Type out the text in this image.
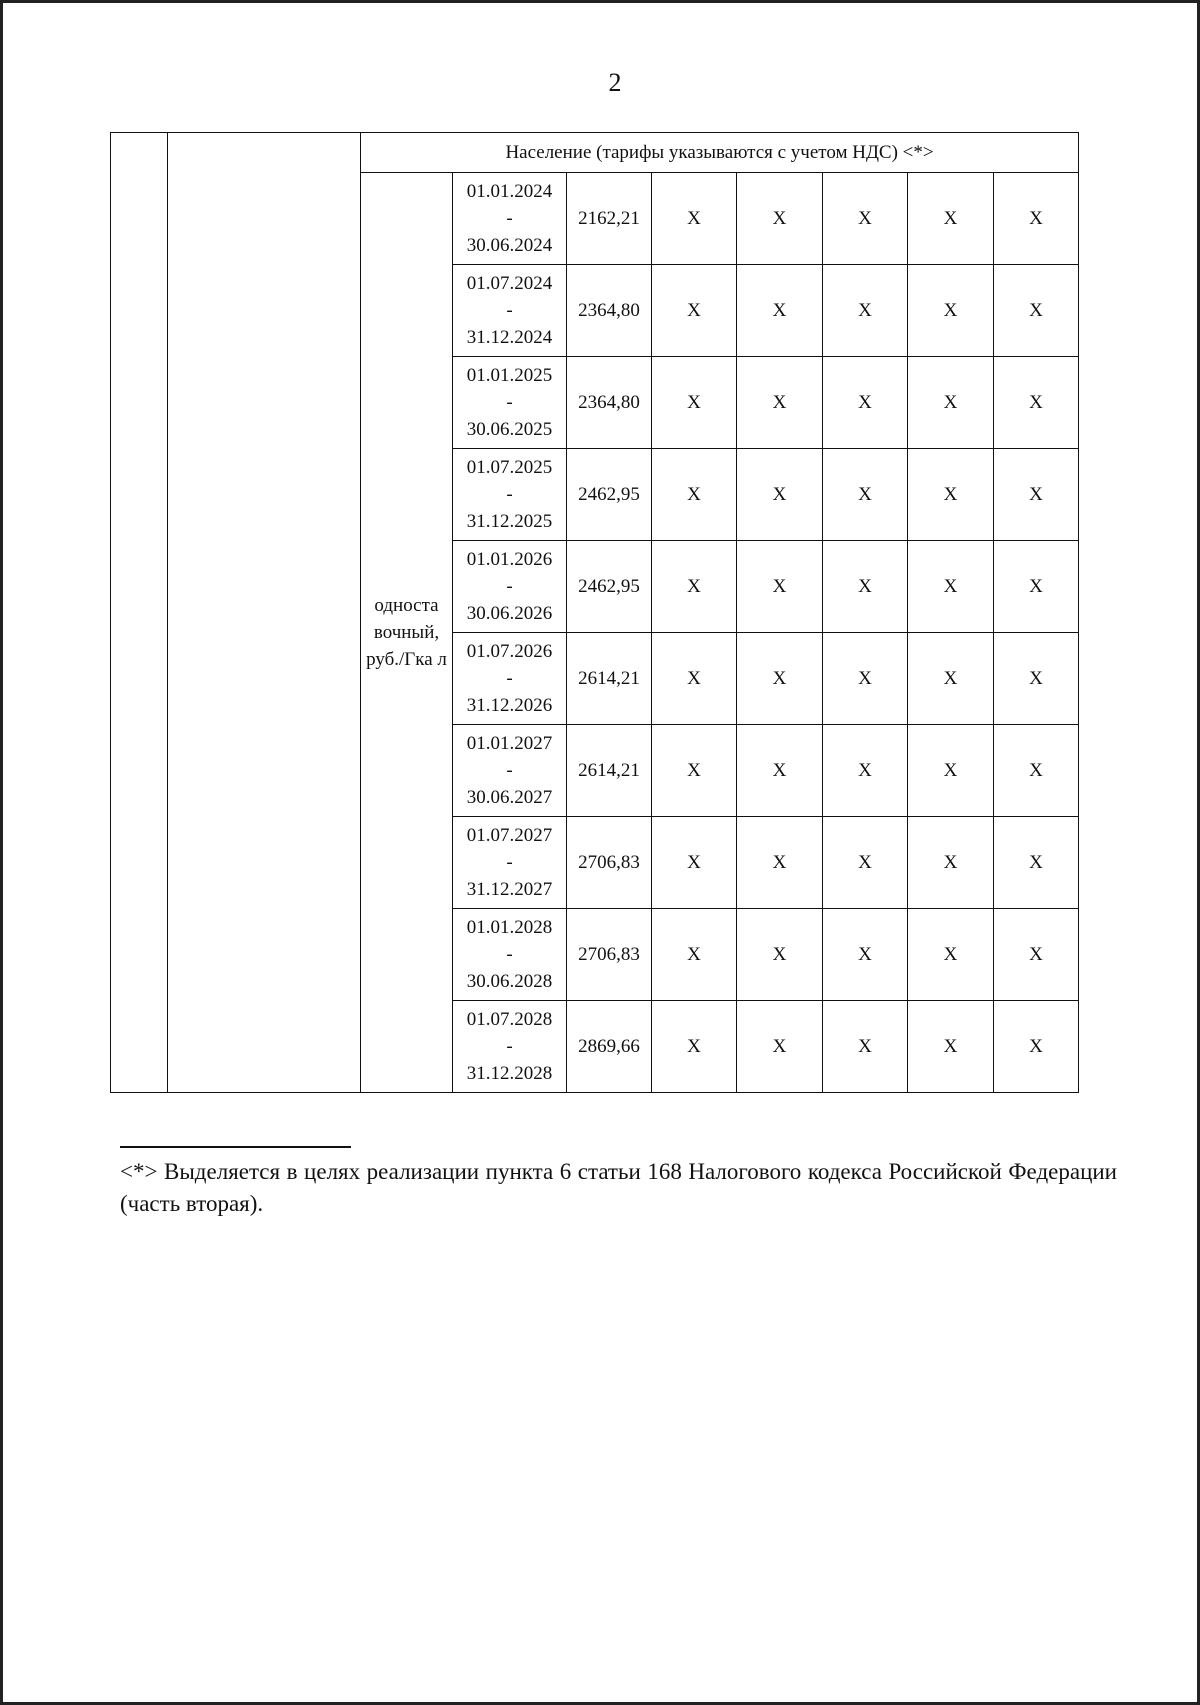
2
		Население (тарифы указываются с учетом НДС) <*>							
		односта вочный, руб./Гка л	01.01.2024
-
30.06.2024	2162,21	X	X	X	X	X

			01.07.2024
-
31.12.2024	2364,80	X	X	X	X	X

			01.01.2025
-
30.06.2025	2364,80	X	X	X	X	X

			01.07.2025
-
31.12.2025	2462,95	X	X	X	X	X

			01.01.2026
-
30.06.2026	2462,95	X	X	X	X	X

			01.07.2026
-
31.12.2026	2614,21	X	X	X	X	X

			01.01.2027
-
30.06.2027	2614,21	X	X	X	X	X

			01.07.2027
-
31.12.2027	2706,83	X	X	X	X	X

			01.01.2028
-
30.06.2028	2706,83	X	X	X	X	X

			01.07.2028
-
31.12.2028	2869,66	X	X	X	X	X
<*> Выделяется в целях реализации пункта 6 статьи 168 Налогового кодекса Российской Федерации (часть вторая).
